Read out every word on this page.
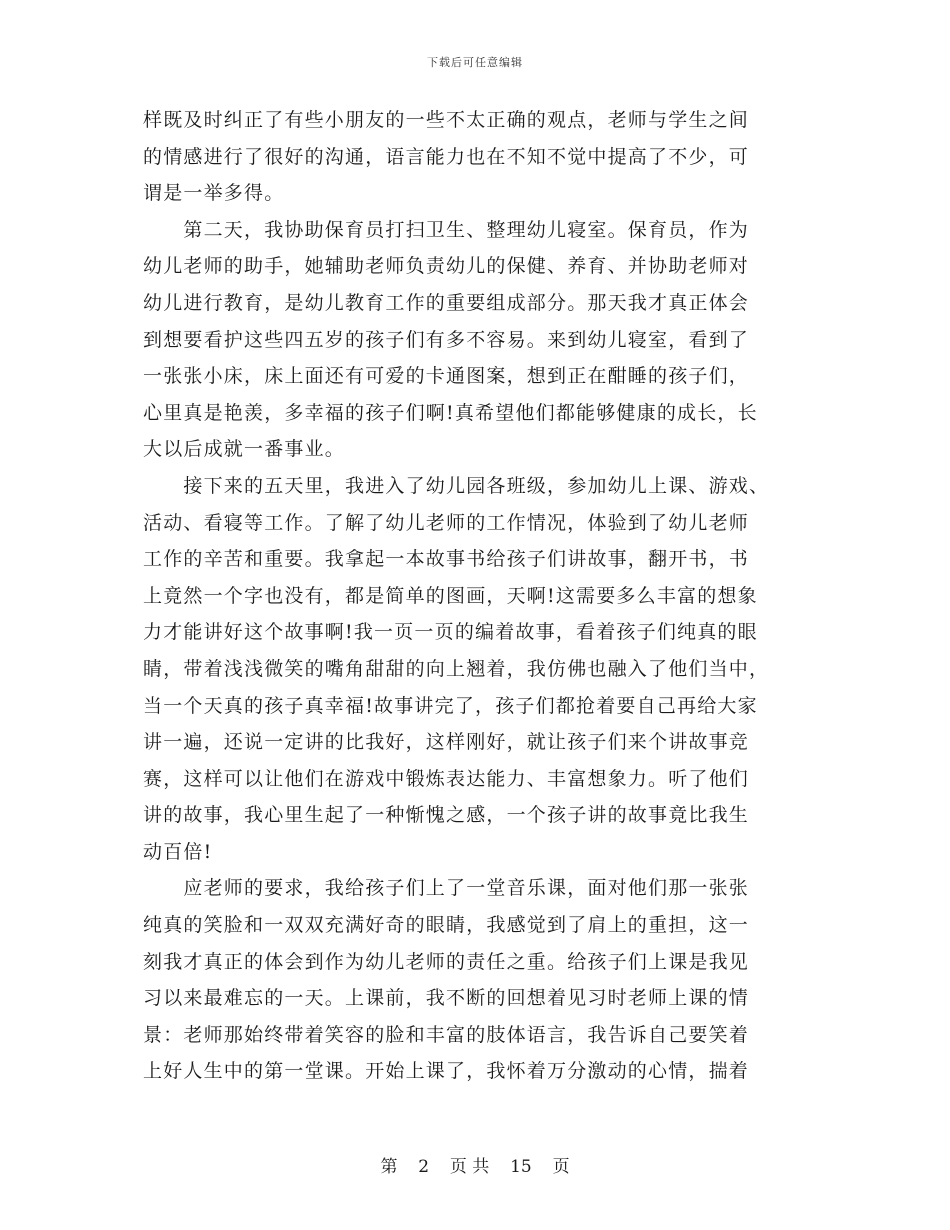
下载后可任意编辑
样既及时纠正了有些小朋友的一些不太正确的观点，老师与学生之间
的情感进行了很好的沟通，语言能力也在不知不觉中提高了不少，可
谓是一举多得。
　　第二天，我协助保育员打扫卫生、整理幼儿寝室。保育员，作为
幼儿老师的助手，她辅助老师负责幼儿的保健、养育、并协助老师对
幼儿进行教育，是幼儿教育工作的重要组成部分。那天我才真正体会
到想要看护这些四五岁的孩子们有多不容易。来到幼儿寝室，看到了
一张张小床，床上面还有可爱的卡通图案，想到正在酣睡的孩子们，
心里真是艳羡，多幸福的孩子们啊!真希望他们都能够健康的成长，长
大以后成就一番事业。
　　接下来的五天里，我进入了幼儿园各班级，参加幼儿上课、游戏、
活动、看寝等工作。了解了幼儿老师的工作情况，体验到了幼儿老师
工作的辛苦和重要。我拿起一本故事书给孩子们讲故事，翻开书，书
上竟然一个字也没有，都是简单的图画，天啊!这需要多么丰富的想象
力才能讲好这个故事啊!我一页一页的编着故事，看着孩子们纯真的眼
睛，带着浅浅微笑的嘴角甜甜的向上翘着，我仿佛也融入了他们当中，
当一个天真的孩子真幸福!故事讲完了，孩子们都抢着要自己再给大家
讲一遍，还说一定讲的比我好，这样刚好，就让孩子们来个讲故事竞
赛，这样可以让他们在游戏中锻炼表达能力、丰富想象力。听了他们
讲的故事，我心里生起了一种惭愧之感，一个孩子讲的故事竟比我生
动百倍!
　　应老师的要求，我给孩子们上了一堂音乐课，面对他们那一张张
纯真的笑脸和一双双充满好奇的眼睛，我感觉到了肩上的重担，这一
刻我才真正的体会到作为幼儿老师的责任之重。给孩子们上课是我见
习以来最难忘的一天。上课前，我不断的回想着见习时老师上课的情
景：老师那始终带着笑容的脸和丰富的肢体语言，我告诉自己要笑着
上好人生中的第一堂课。开始上课了，我怀着万分激动的心情，揣着
第 2 页 共 15 页
